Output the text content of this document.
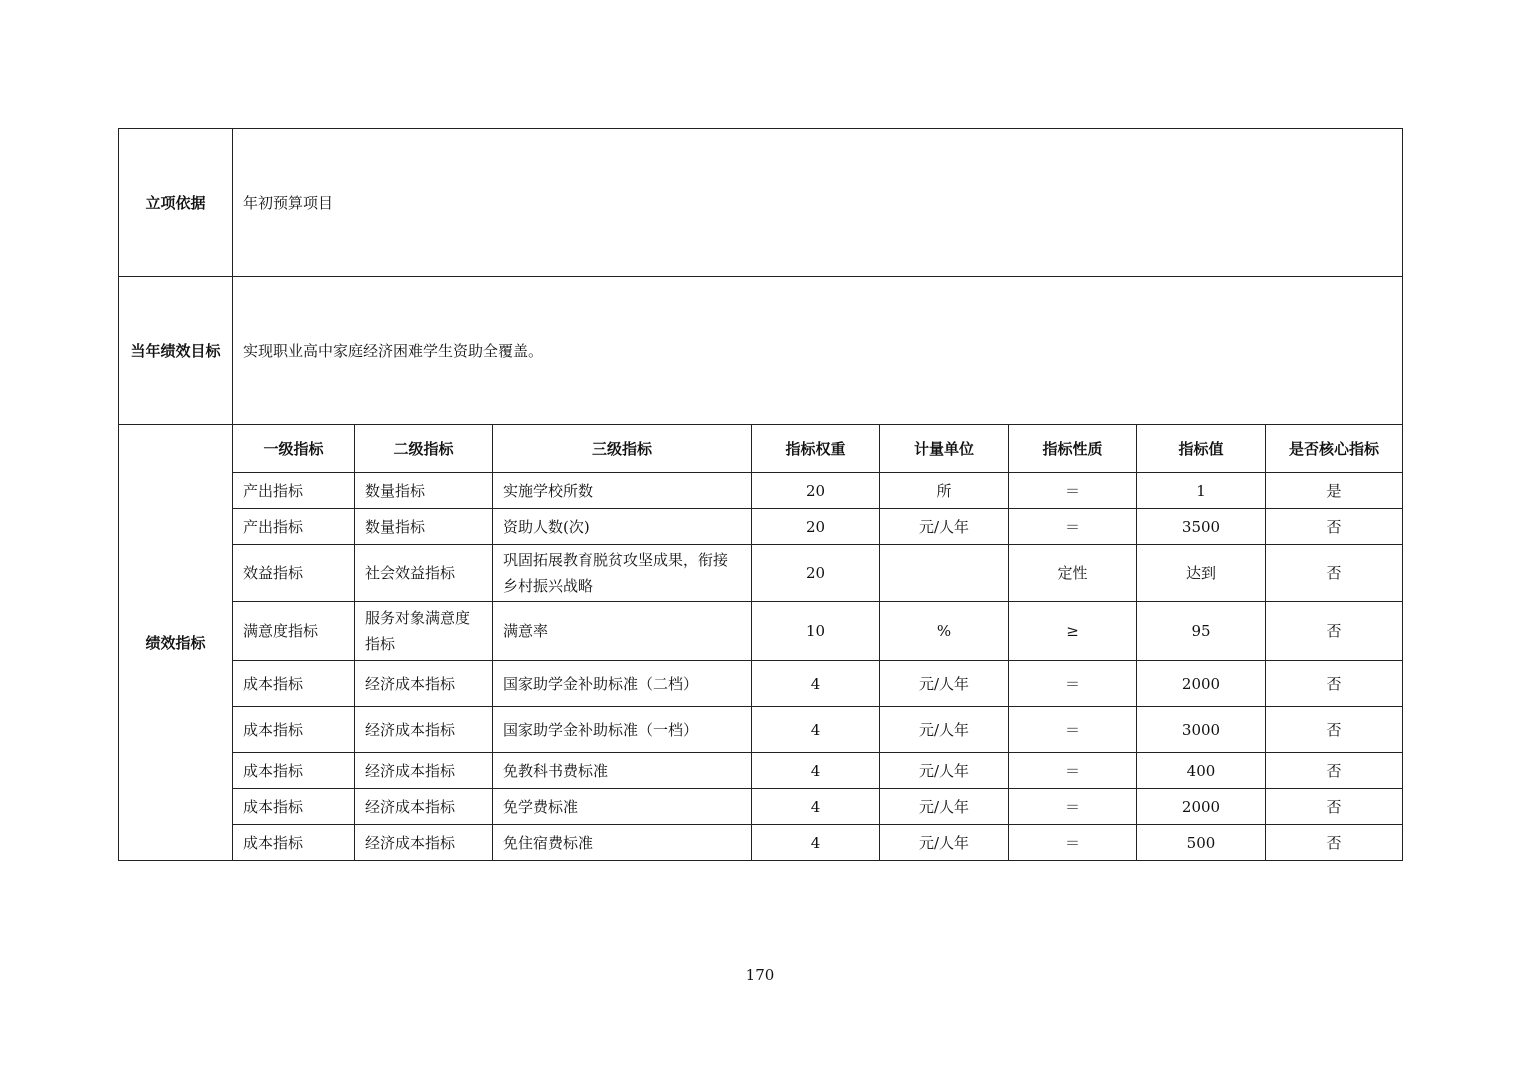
立项依据	年初预算项目							
当年绩效目标	实现职业高中家庭经济困难学生资助全覆盖。							
绩效指标	一级指标	二级指标	三级指标	指标权重	计量单位	指标性质	指标值	是否核心指标
	产出指标	数量指标	实施学校所数	20	所	＝	1	是
	产出指标	数量指标	资助人数(次)	20	元/人年	＝	3500	否
	效益指标	社会效益指标	巩固拓展教育脱贫攻坚成果，衔接乡村振兴战略	20		定性	达到	否
	满意度指标	服务对象满意度指标	满意率	10	%	≥	95	否
	成本指标	经济成本指标	国家助学金补助标准（二档）	4	元/人年	＝	2000	否
	成本指标	经济成本指标	国家助学金补助标准（一档）	4	元/人年	＝	3000	否
	成本指标	经济成本指标	免教科书费标准	4	元/人年	＝	400	否
	成本指标	经济成本指标	免学费标准	4	元/人年	＝	2000	否
	成本指标	经济成本指标	免住宿费标准	4	元/人年	＝	500	否
170
